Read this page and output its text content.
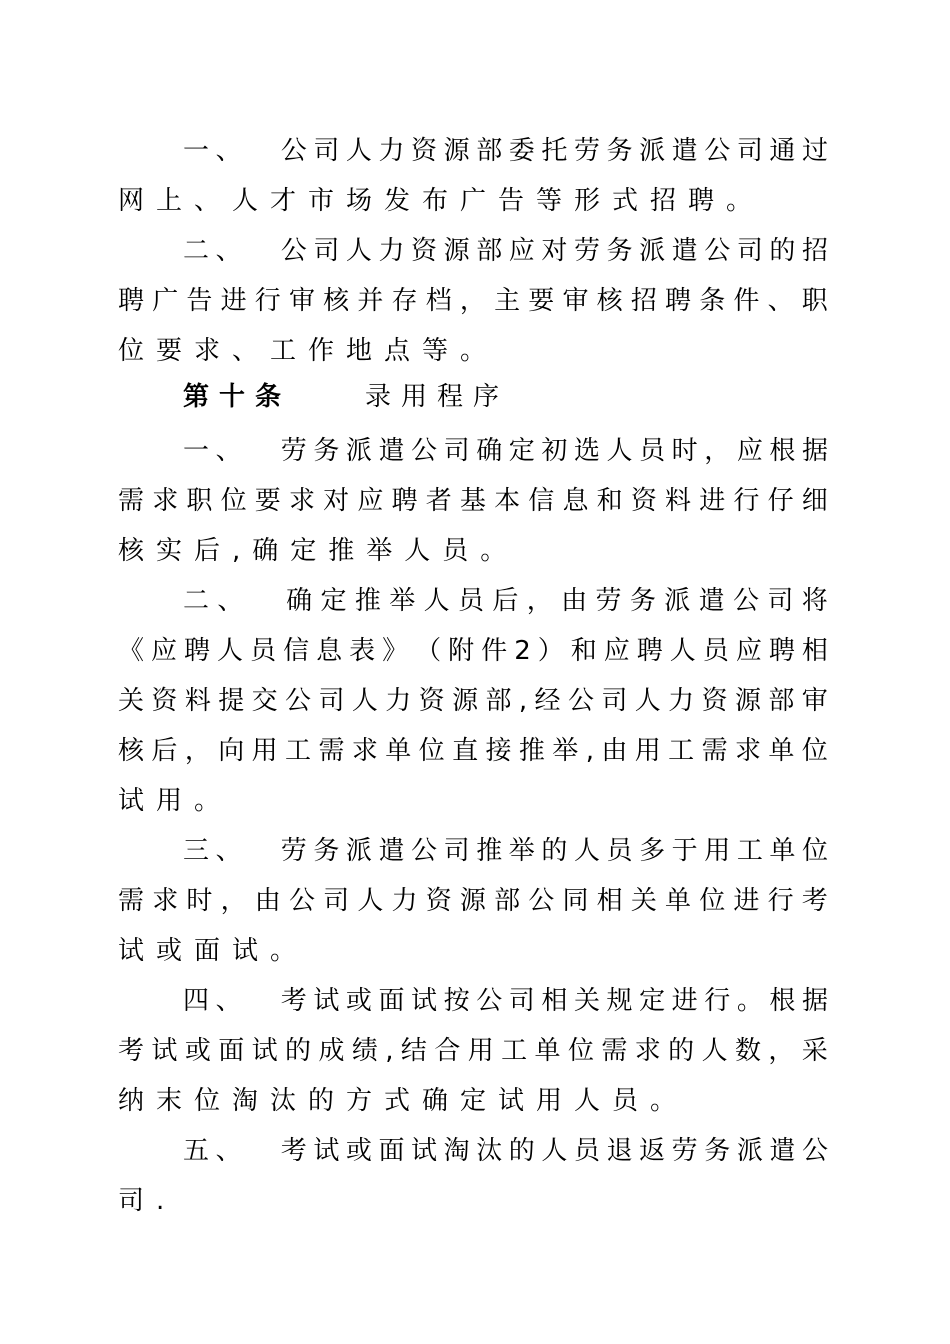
一 、
　 公 司 人 力 资 源 部 委 托 劳 务 派 遣 公 司 通 过
网上、人才市场发布广告等形式招聘。
二 、
　 公 司 人 力 资 源 部 应 对 劳 务 派 遣 公 司 的 招
聘 广 告 进 行 审 核 并 存 档 ， 主 要 审 核 招 聘 条 件 、 职
位要求、工作地点等。
第十条	录用程序
一 、
　 劳 务 派 遣 公 司 确 定 初 选 人 员 时 ， 应 根 据
需 求 职 位 要 求 对 应 聘 者 基 本 信 息 和 资 料 进 行 仔 细
核实后,确定推举人员。
二 、
　 确 定 推 举 人 员 后 ， 由 劳 务 派 遣 公 司 将
《 应 聘 人 员 信 息 表 》 （ 附 件 2 ） 和 应 聘 人 员 应 聘 相
关 资 料 提 交 公 司 人 力 资 源 部 , 经 公 司 人 力 资 源 部 审
核 后 ， 向 用 工 需 求 单 位 直 接 推 举 , 由 用 工 需 求 单 位
试用。
三 、
　 劳 务 派 遣 公 司 推 举 的 人 员 多 于 用 工 单 位
需 求 时 ， 由 公 司 人 力 资 源 部 公 同 相 关 单 位 进 行 考
试或面试。
四 、
　 考 试 或 面 试 按 公 司 相 关 规 定 进 行 。 根 据
考 试 或 面 试 的 成 绩 , 结 合 用 工 单 位 需 求 的 人 数 ， 采
纳末位淘汰的方式确定试用人员。
五 、
　 考 试 或 面 试 淘 汰 的 人 员 退 返 劳 务 派 遣 公
司.
